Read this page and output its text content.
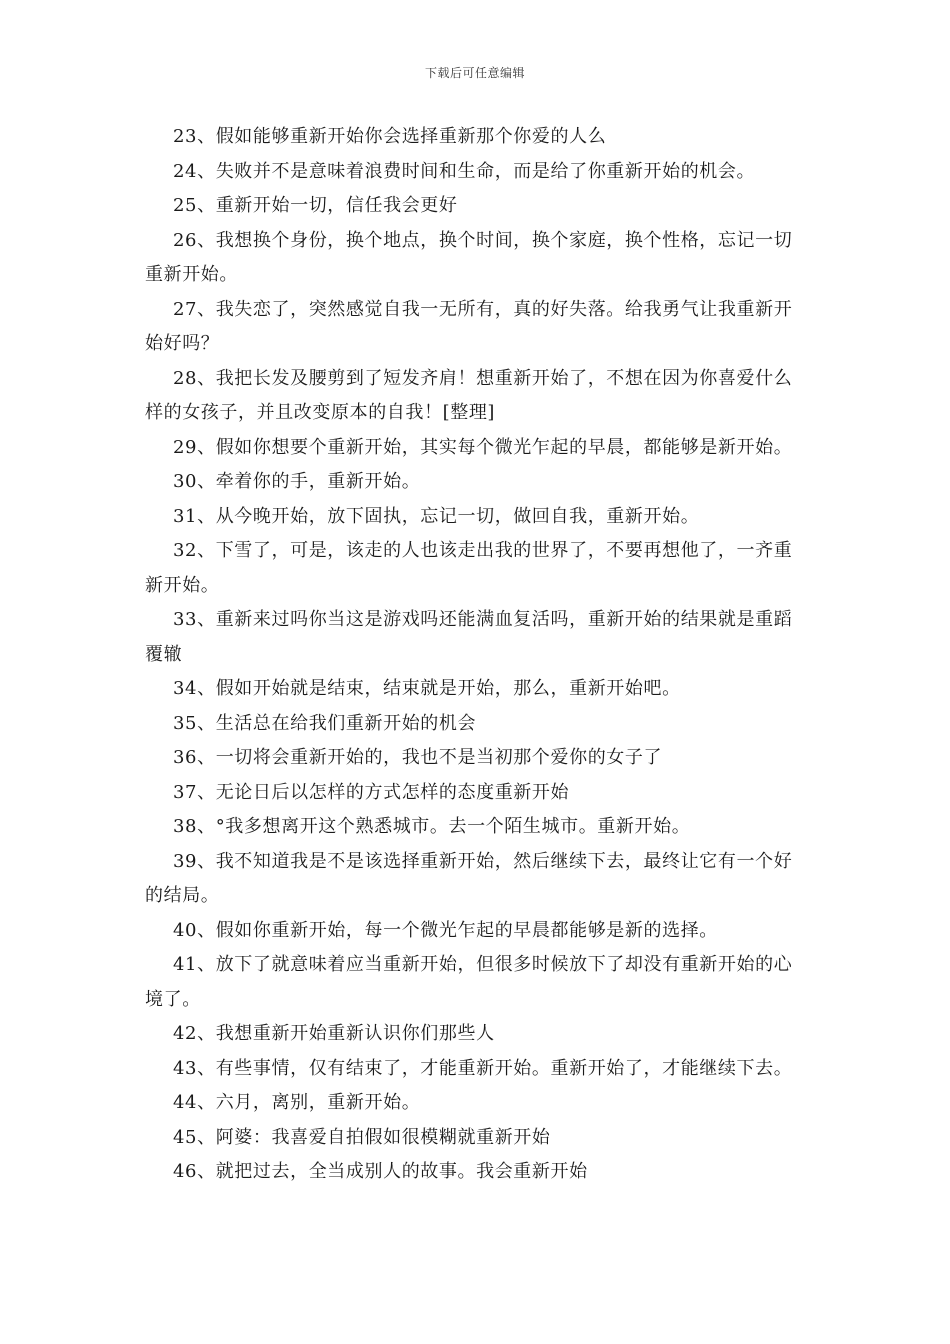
下载后可任意编辑

23、假如能够重新开始你会选择重新那个你爱的人么

24、失败并不是意味着浪费时间和生命，而是给了你重新开始的机会。

25、重新开始一切，信任我会更好

26、我想换个身份，换个地点，换个时间，换个家庭，换个性格，忘记一切重新开始。

27、我失恋了，突然感觉自我一无所有，真的好失落。给我勇气让我重新开始好吗？

28、我把长发及腰剪到了短发齐肩！想重新开始了，不想在因为你喜爱什么样的女孩子，并且改变原本的自我！[整理]

29、假如你想要个重新开始，其实每个微光乍起的早晨，都能够是新开始。

30、牵着你的手，重新开始。

31、从今晚开始，放下固执，忘记一切，做回自我，重新开始。

32、下雪了，可是，该走的人也该走出我的世界了，不要再想他了，一齐重新开始。

33、重新来过吗你当这是游戏吗还能满血复活吗，重新开始的结果就是重蹈覆辙

34、假如开始就是结束，结束就是开始，那么，重新开始吧。

35、生活总在给我们重新开始的机会

36、一切将会重新开始的，我也不是当初那个爱你的女子了

37、无论日后以怎样的方式怎样的态度重新开始

38、°我多想离开这个熟悉城市。去一个陌生城市。重新开始。

39、我不知道我是不是该选择重新开始，然后继续下去，最终让它有一个好的结局。

40、假如你重新开始，每一个微光乍起的早晨都能够是新的选择。

41、放下了就意味着应当重新开始，但很多时候放下了却没有重新开始的心境了。

42、我想重新开始重新认识你们那些人

43、有些事情，仅有结束了，才能重新开始。重新开始了，才能继续下去。

44、六月，离别，重新开始。

45、阿婆：我喜爱自拍假如很模糊就重新开始

46、就把过去，全当成别人的故事。我会重新开始
